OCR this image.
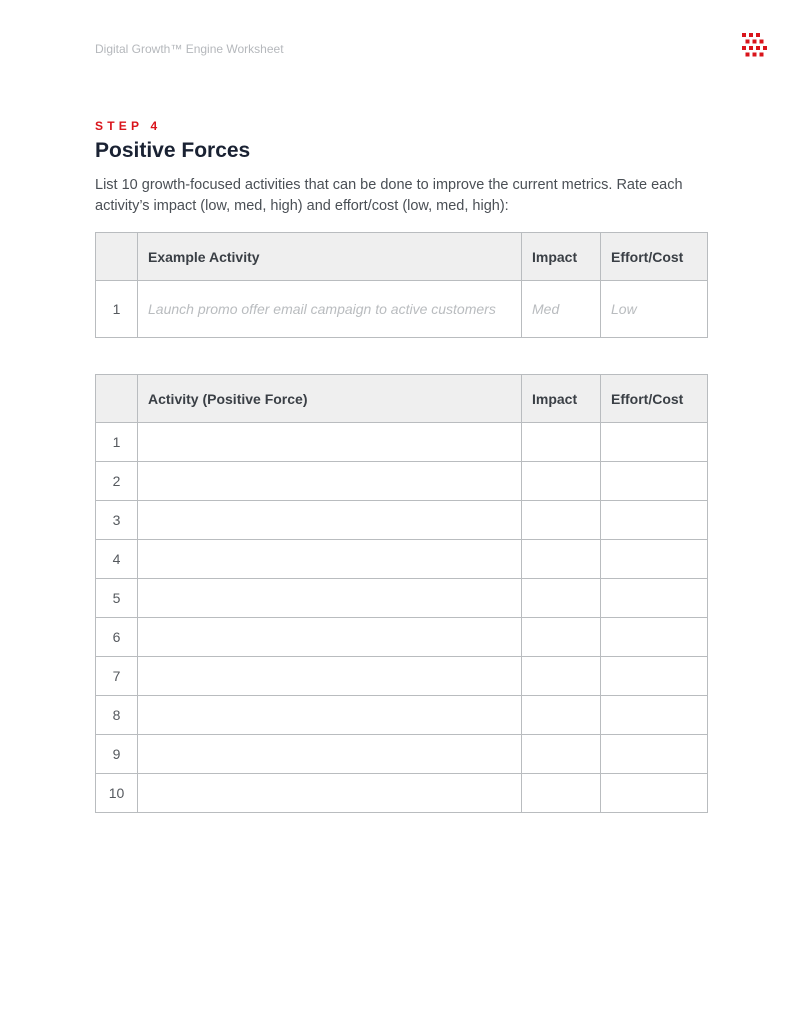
Digital Growth™ Engine Worksheet
STEP 4
Positive Forces

List 10 growth-focused activities that can be done to improve the current metrics. Rate each activity’s impact (low, med, high) and effort/cost (low, med, high):

	Example Activity	Impact	Effort/Cost
1	Launch promo offer email campaign to active customers	Med	Low
	Activity (Positive Force)	Impact	Effort/Cost
1			
2			
3			
4			
5			
6			
7			
8			
9			
10			
